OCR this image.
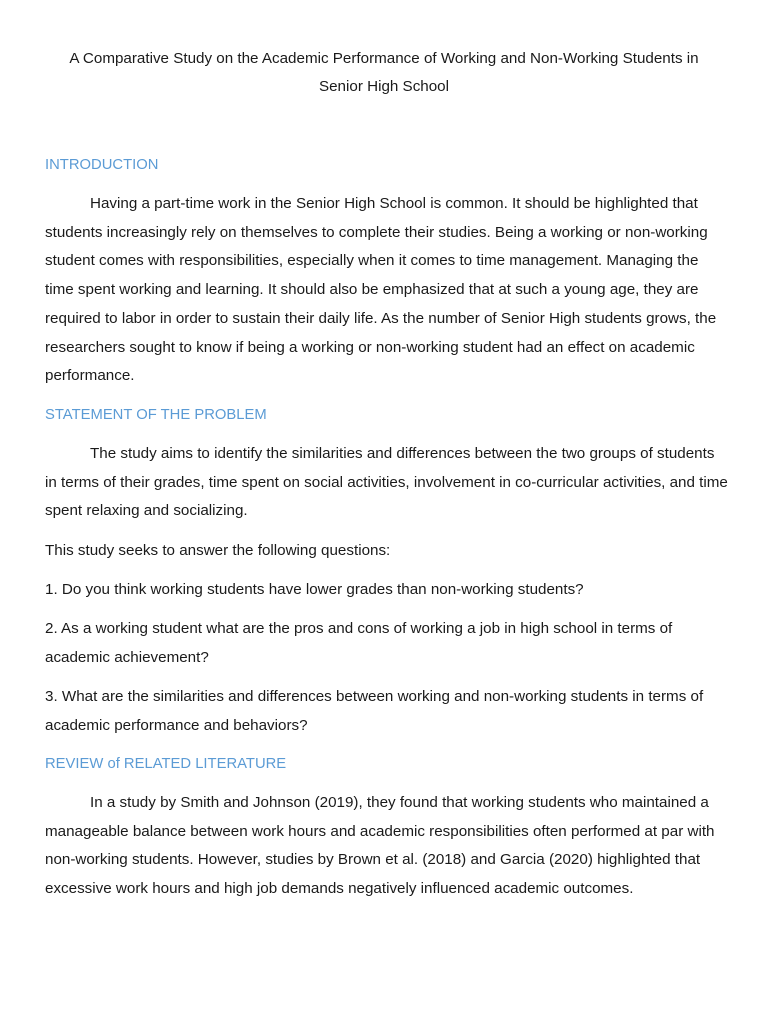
A Comparative Study on the Academic Performance of Working and Non-Working Students in
Senior High School
INTRODUCTION

Having a part-time work in the Senior High School is common. It should be highlighted that students increasingly rely on themselves to complete their studies. Being a working or non-working student comes with responsibilities, especially when it comes to time management. Managing the time spent working and learning. It should also be emphasized that at such a young age, they are required to labor in order to sustain their daily life. As the number of Senior High students grows, the researchers sought to know if being a working or non-working student had an effect on academic performance.

STATEMENT OF THE PROBLEM

The study aims to identify the similarities and differences between the two groups of students in terms of their grades, time spent on social activities, involvement in co-curricular activities, and time spent relaxing and socializing.

This study seeks to answer the following questions:

1. Do you think working students have lower grades than non-working students?

2. As a working student what are the pros and cons of working a job in high school in terms of academic achievement?

3. What are the similarities and differences between working and non-working students in terms of academic performance and behaviors?

REVIEW of RELATED LITERATURE

In a study by Smith and Johnson (2019), they found that working students who maintained a manageable balance between work hours and academic responsibilities often performed at par with non-working students. However, studies by Brown et al. (2018) and Garcia (2020) highlighted that excessive work hours and high job demands negatively influenced academic outcomes.
